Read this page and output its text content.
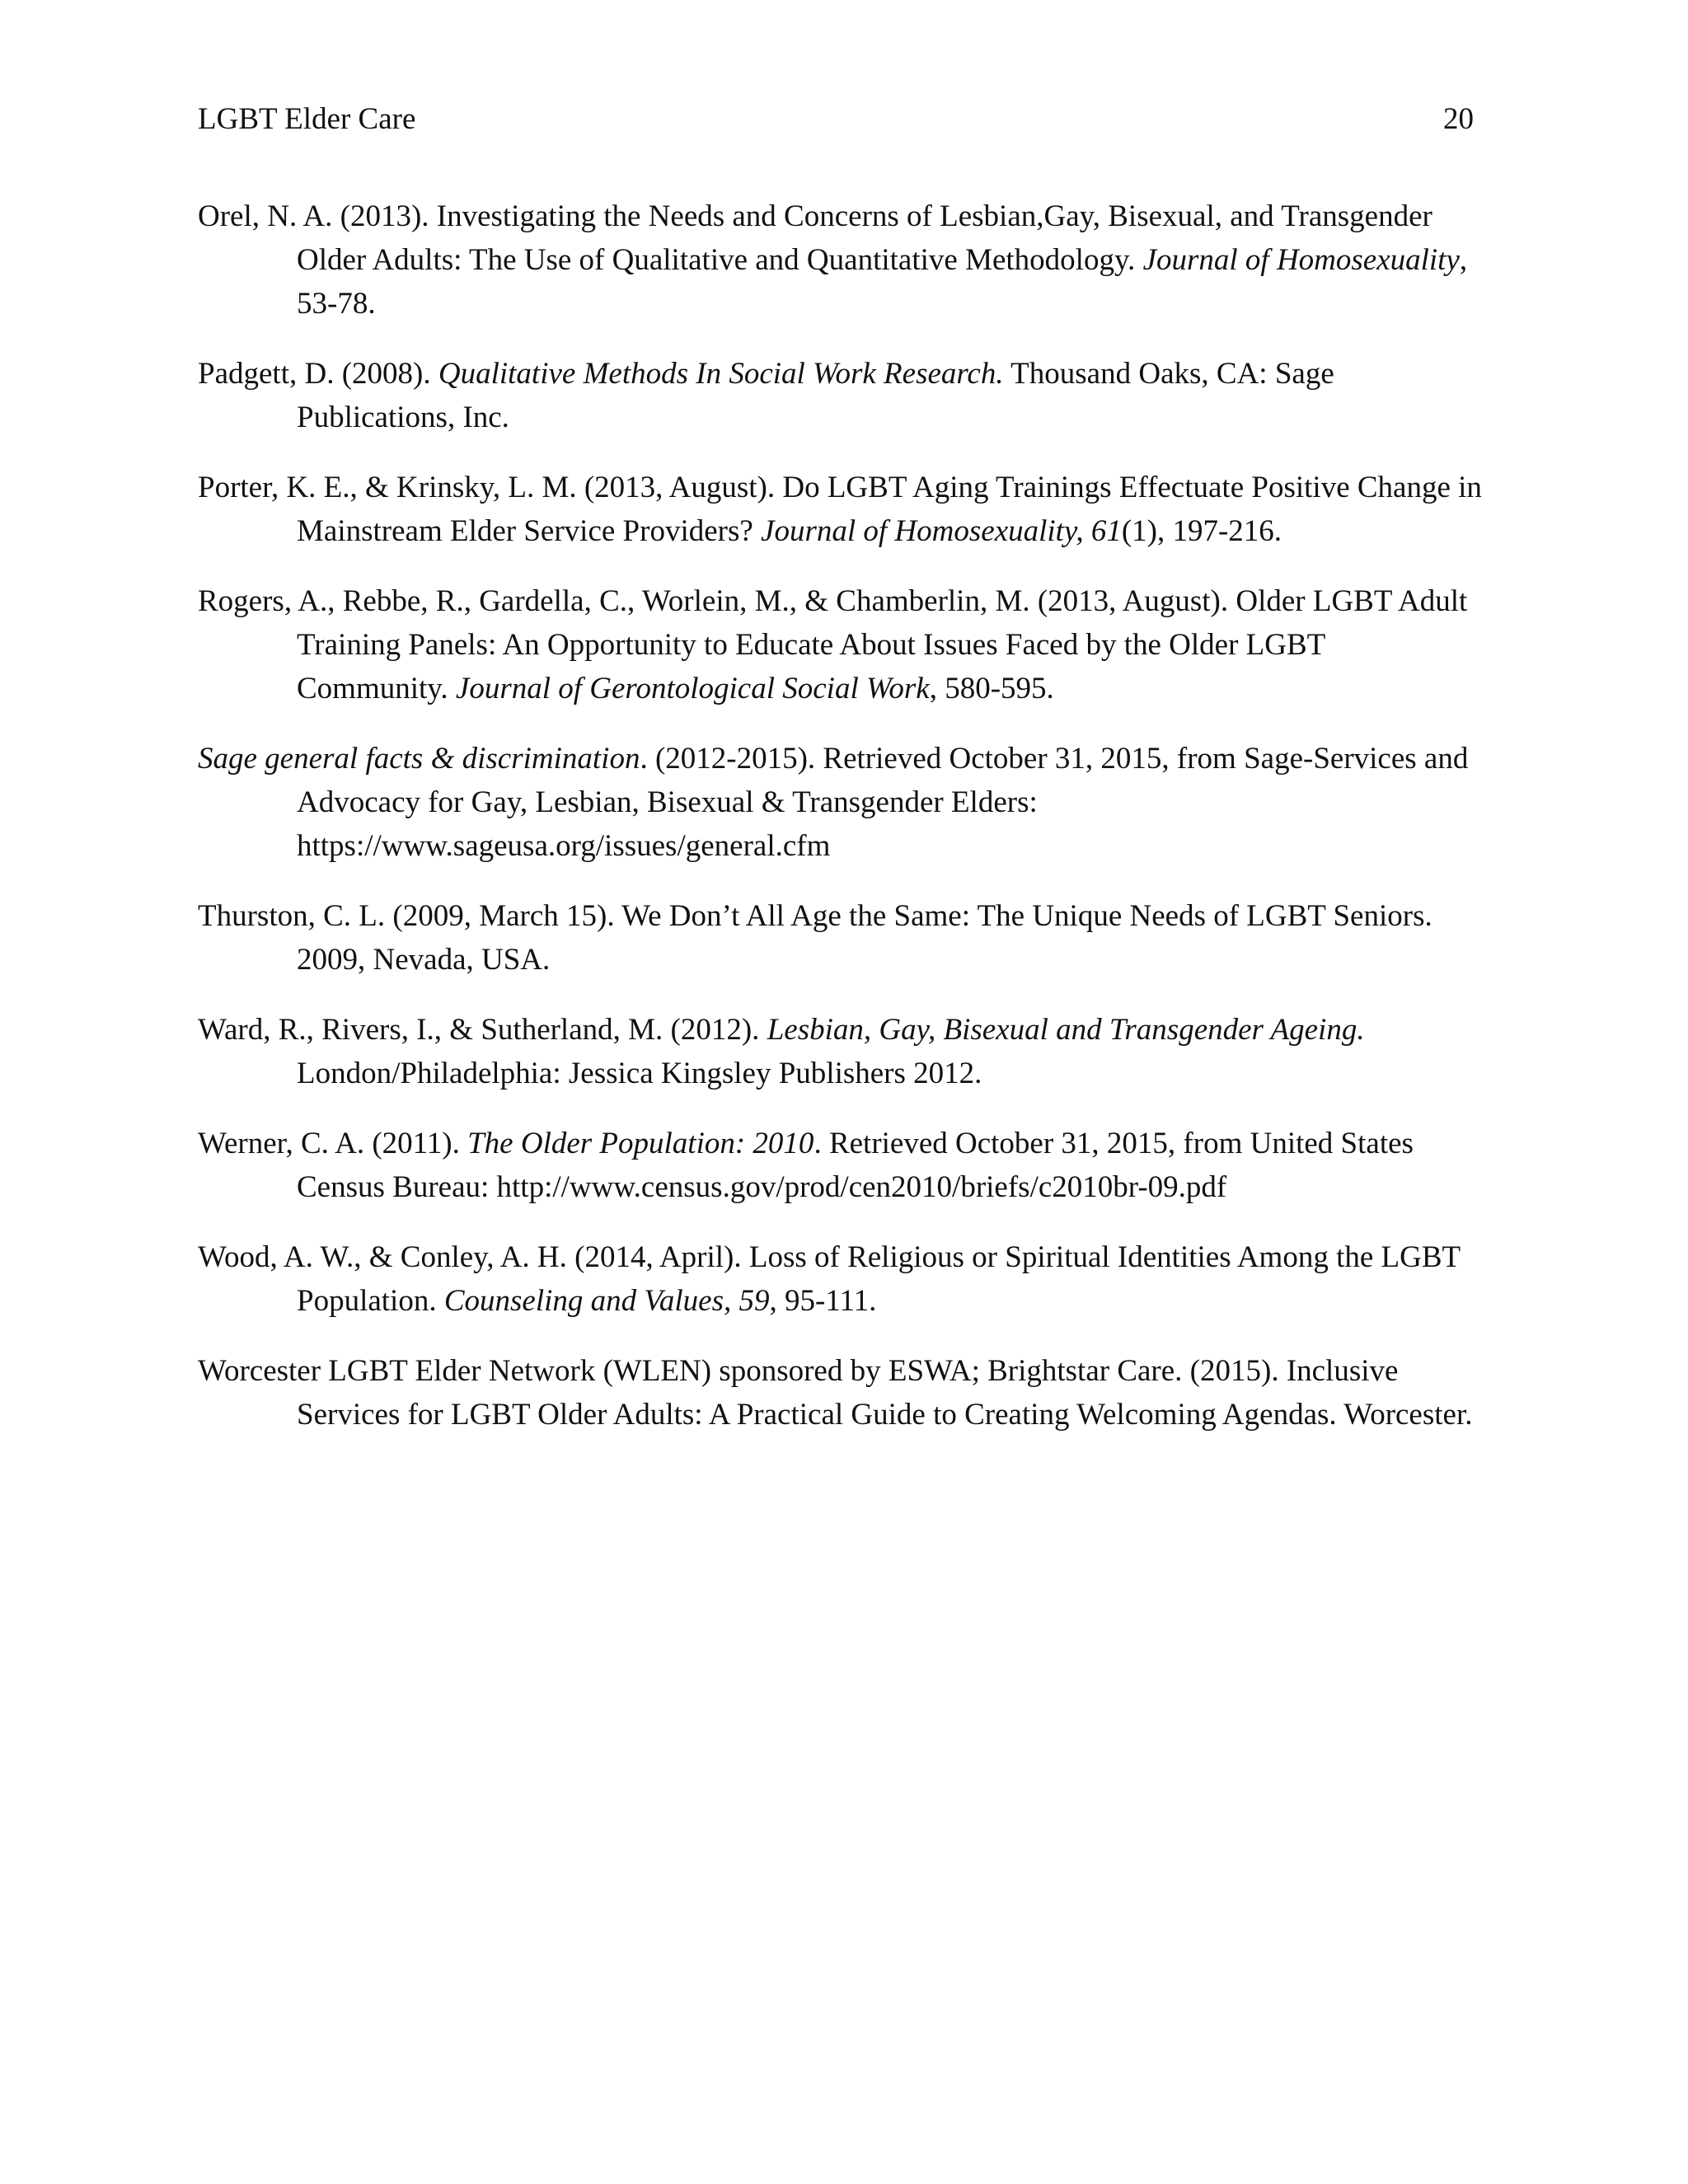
LGBT Elder Care	20

Orel, N. A. (2013). Investigating the Needs and Concerns of Lesbian,Gay, Bisexual, and Transgender Older Adults: The Use of Qualitative and Quantitative Methodology. Journal of Homosexuality, 53-78.

Padgett, D. (2008). Qualitative Methods In Social Work Research. Thousand Oaks, CA: Sage Publications, Inc.

Porter, K. E., & Krinsky, L. M. (2013, August). Do LGBT Aging Trainings Effectuate Positive Change in Mainstream Elder Service Providers? Journal of Homosexuality, 61(1), 197-216.

Rogers, A., Rebbe, R., Gardella, C., Worlein, M., & Chamberlin, M. (2013, August). Older LGBT Adult Training Panels: An Opportunity to Educate About Issues Faced by the Older LGBT Community. Journal of Gerontological Social Work, 580-595.

Sage general facts & discrimination. (2012-2015). Retrieved October 31, 2015, from Sage-Services and Advocacy for Gay, Lesbian, Bisexual & Transgender Elders: https://www.sageusa.org/issues/general.cfm

Thurston, C. L. (2009, March 15). We Don’t All Age the Same: The Unique Needs of LGBT Seniors. 2009, Nevada, USA.

Ward, R., Rivers, I., & Sutherland, M. (2012). Lesbian, Gay, Bisexual and Transgender Ageing. London/Philadelphia: Jessica Kingsley Publishers 2012.

Werner, C. A. (2011). The Older Population: 2010. Retrieved October 31, 2015, from United States Census Bureau: http://www.census.gov/prod/cen2010/briefs/c2010br-09.pdf

Wood, A. W., & Conley, A. H. (2014, April). Loss of Religious or Spiritual Identities Among the LGBT Population. Counseling and Values, 59, 95-111.

Worcester LGBT Elder Network (WLEN) sponsored by ESWA; Brightstar Care. (2015). Inclusive Services for LGBT Older Adults: A Practical Guide to Creating Welcoming Agendas. Worcester.
